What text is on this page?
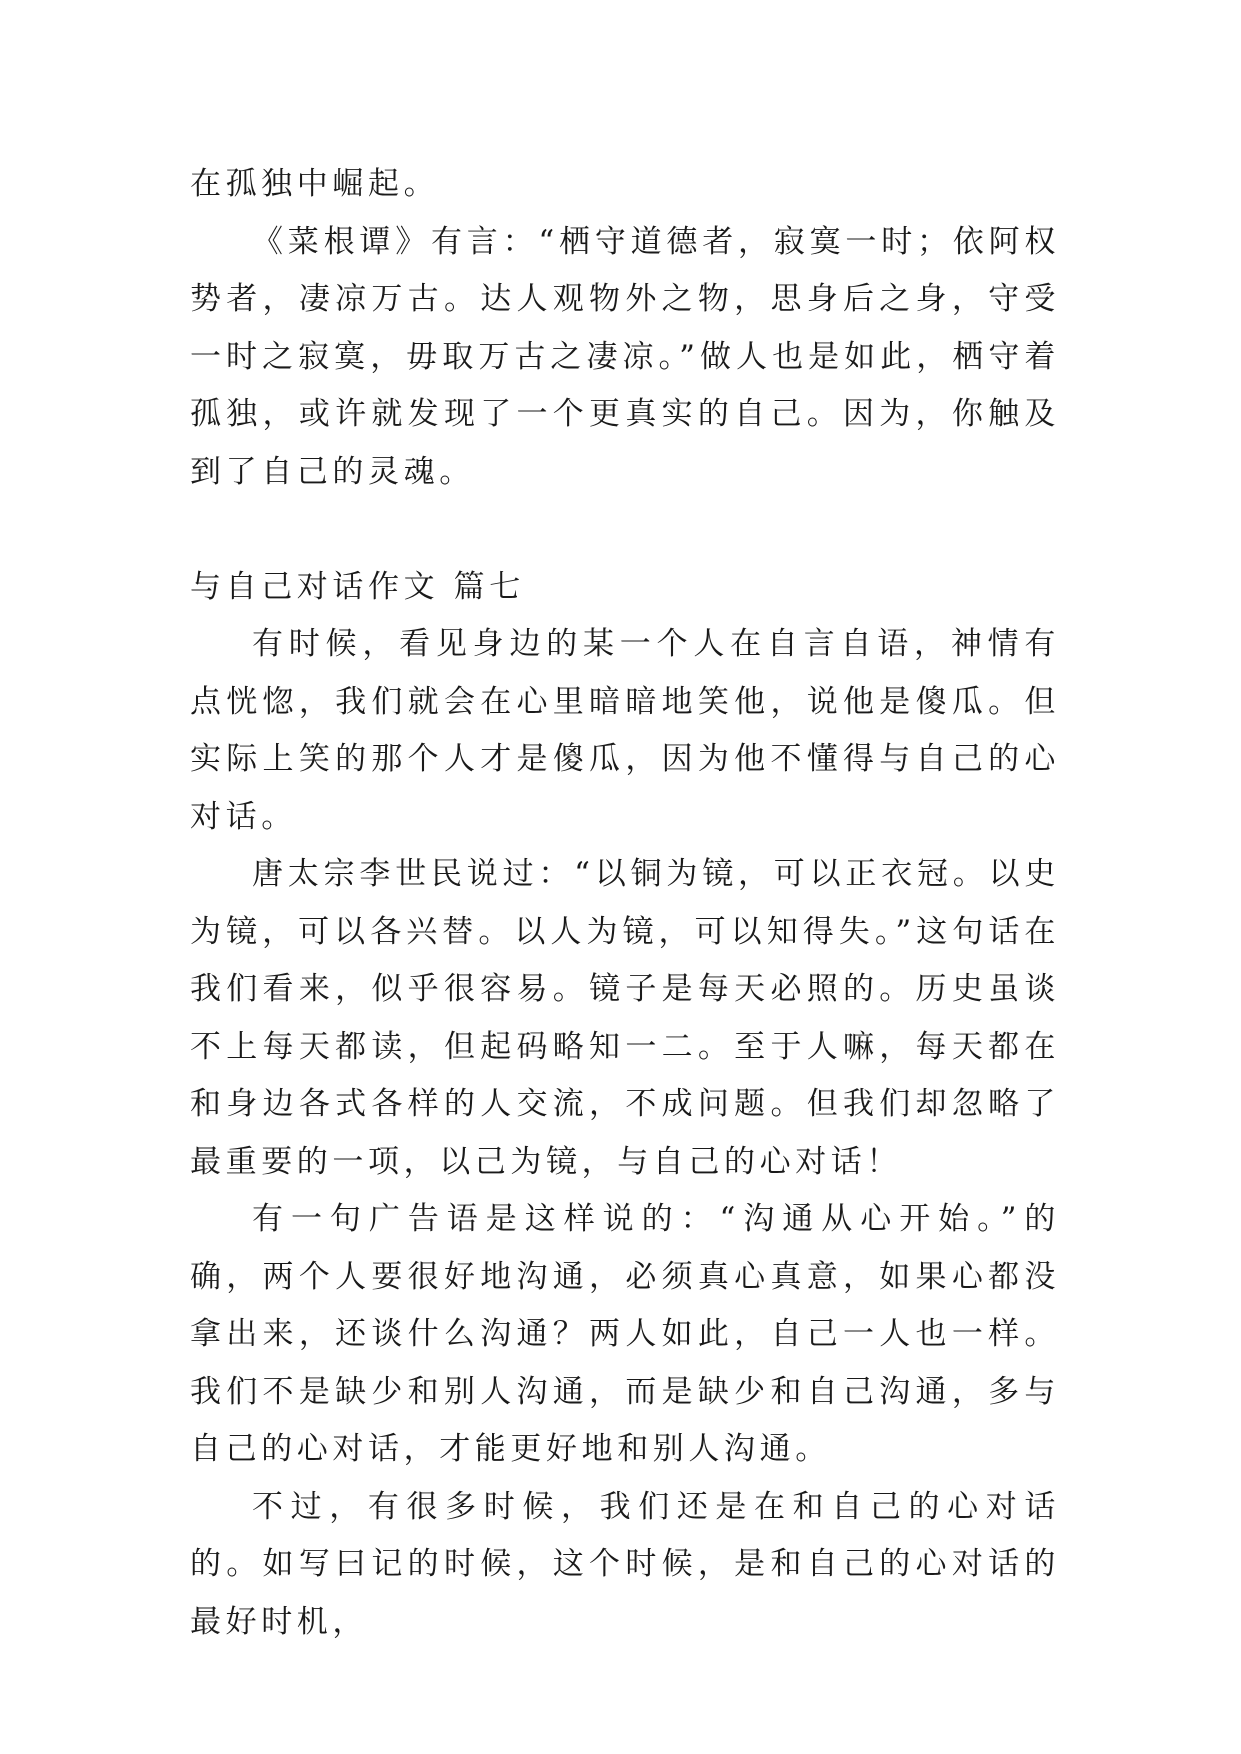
在孤独中崛起。

《菜根谭》有言：“栖守道德者，寂寞一时；依阿权势者，凄凉万古。达人观物外之物，思身后之身，守受一时之寂寞，毋取万古之凄凉。”做人也是如此，栖守着孤独，或许就发现了一个更真实的自己。因为，你触及到了自己的灵魂。

与自己对话作文 篇七

有时候，看见身边的某一个人在自言自语，神情有点恍惚，我们就会在心里暗暗地笑他，说他是傻瓜。但实际上笑的那个人才是傻瓜，因为他不懂得与自己的心对话。

唐太宗李世民说过：“以铜为镜，可以正衣冠。以史为镜，可以各兴替。以人为镜，可以知得失。”这句话在我们看来，似乎很容易。镜子是每天必照的。历史虽谈不上每天都读，但起码略知一二。至于人嘛，每天都在和身边各式各样的人交流，不成问题。但我们却忽略了最重要的一项，以己为镜，与自己的心对话！

有一句广告语是这样说的：“沟通从心开始。”的确，两个人要很好地沟通，必须真心真意，如果心都没拿出来，还谈什么沟通？两人如此，自己一人也一样。我们不是缺少和别人沟通，而是缺少和自己沟通，多与自己的心对话，才能更好地和别人沟通。

不过，有很多时候，我们还是在和自己的心对话的。如写曰记的时候，这个时候，是和自己的心对话的最好时机，
